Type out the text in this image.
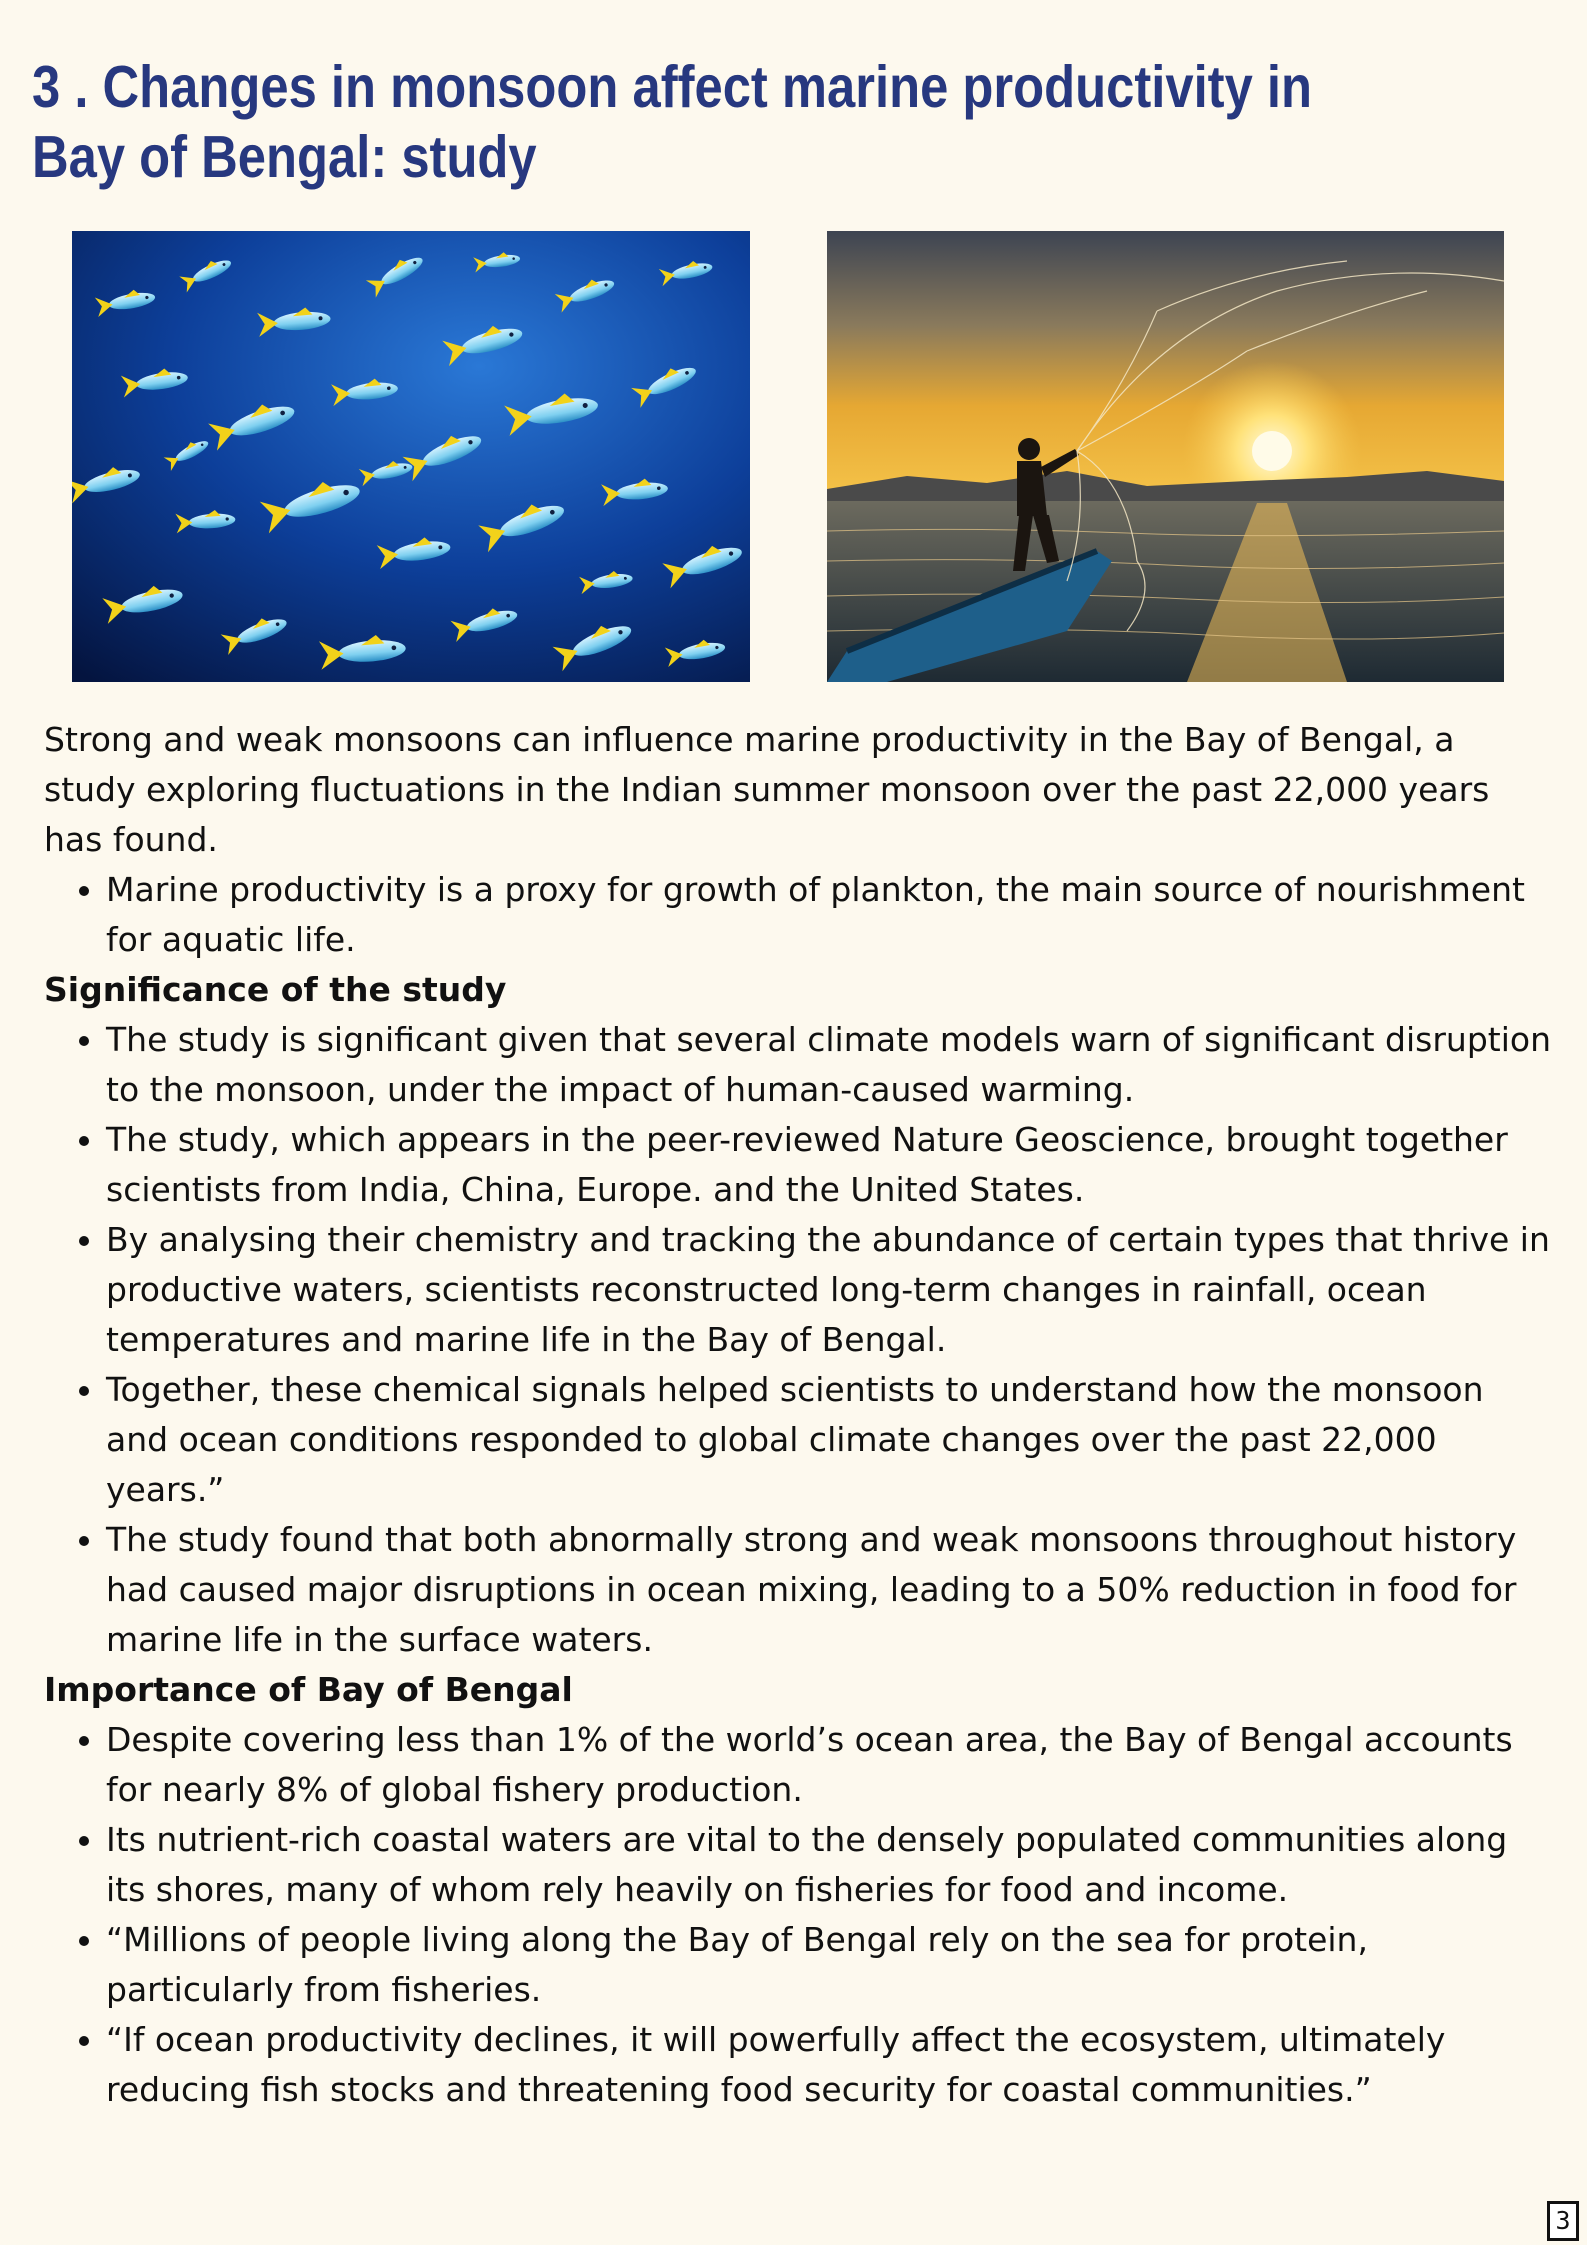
3 . Changes in monsoon affect marine productivity in Bay of Bengal: study

Strong and weak monsoons can influence marine productivity in the Bay of Bengal, a study exploring fluctuations in the Indian summer monsoon over the past 22,000 years has found.

• Marine productivity is a proxy for growth of plankton, the main source of nourishment for aquatic life.
Significance of the study
• The study is significant given that several climate models warn of significant disruption to the monsoon, under the impact of human-caused warming.
• The study, which appears in the peer-reviewed Nature Geoscience, brought together scientists from India, China, Europe. and the United States.
• By analysing their chemistry and tracking the abundance of certain types that thrive in productive waters, scientists reconstructed long-term changes in rainfall, ocean temperatures and marine life in the Bay of Bengal.
• Together, these chemical signals helped scientists to understand how the monsoon and ocean conditions responded to global climate changes over the past 22,000 years.”
• The study found that both abnormally strong and weak monsoons throughout history had caused major disruptions in ocean mixing, leading to a 50% reduction in food for marine life in the surface waters.
Importance of Bay of Bengal
• Despite covering less than 1% of the world’s ocean area, the Bay of Bengal accounts for nearly 8% of global fishery production.
• Its nutrient-rich coastal waters are vital to the densely populated communities along its shores, many of whom rely heavily on fisheries for food and income.
• “Millions of people living along the Bay of Bengal rely on the sea for protein, particularly from fisheries.
• “If ocean productivity declines, it will powerfully affect the ecosystem, ultimately reducing fish stocks and threatening food security for coastal communities.”
3
